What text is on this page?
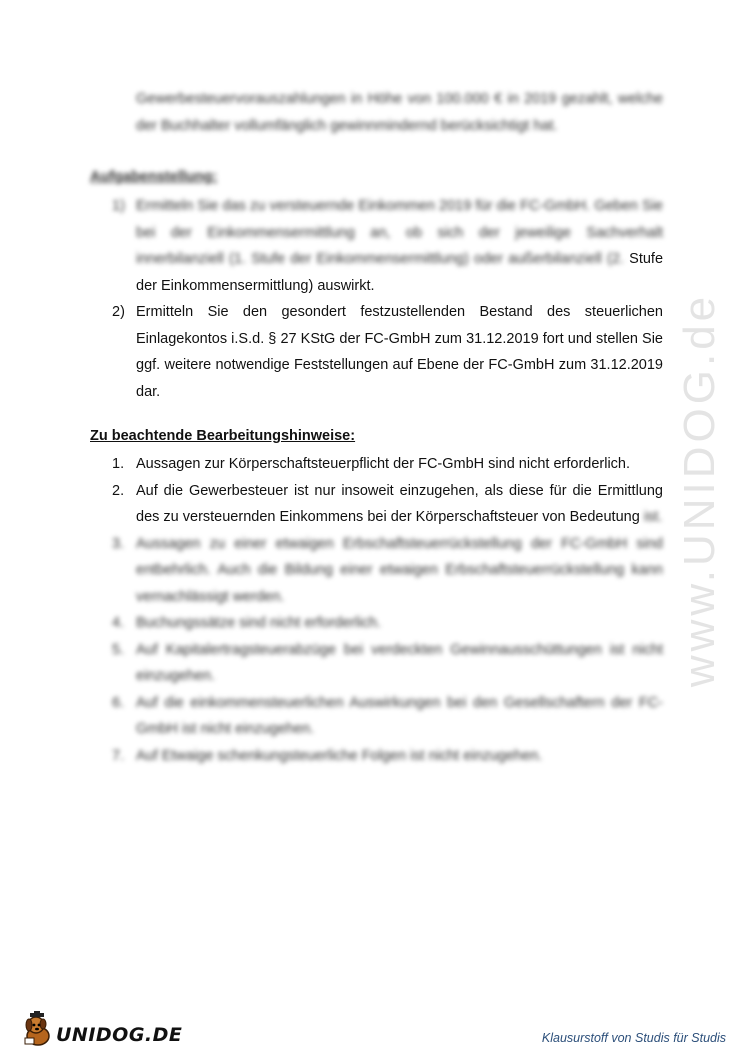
www.UNIDOG.de

Gewerbesteuervorauszahlungen in Höhe von 100.000 € in 2019 gezahlt, welche der Buchhalter vollumfänglich gewinnmindernd berücksichtigt hat.

Aufgabenstellung:
1) Ermitteln Sie das zu versteuernde Einkommen 2019 für die FC-GmbH. Geben Sie bei der Einkommensermittlung an, ob sich der jeweilige Sachverhalt innerbilanziell (1. Stufe der Einkommensermittlung) oder außerbilanziell (2. Stufe der Einkommensermittlung) auswirkt.
2) Ermitteln Sie den gesondert festzustellenden Bestand des steuerlichen Einlagekontos i.S.d. § 27 KStG der FC-GmbH zum 31.12.2019 fort und stellen Sie ggf. weitere notwendige Feststellungen auf Ebene der FC-GmbH zum 31.12.2019 dar.
Zu beachtende Bearbeitungshinweise:
1. Aussagen zur Körperschaftsteuerpflicht der FC-GmbH sind nicht erforderlich.
2. Auf die Gewerbesteuer ist nur insoweit einzugehen, als diese für die Ermittlung des zu versteuernden Einkommens bei der Körperschaftsteuer von Bedeutung ist.
3. Aussagen zu einer etwaigen Erbschaftsteuerrückstellung der FC-GmbH sind entbehrlich. Auch die Bildung einer etwaigen Erbschaftsteuerrückstellung kann vernachlässigt werden.
4. Buchungssätze sind nicht erforderlich.
5. Auf Kapitalertragsteuerabzüge bei verdeckten Gewinnausschüttungen ist nicht einzugehen.
6. Auf die einkommensteuerlichen Auswirkungen bei den Gesellschaftern der FC-GmbH ist nicht einzugehen.
7. Auf Etwaige schenkungsteuerliche Folgen ist nicht einzugehen.
UNIDOG.DE	Klausurstoff von Studis für Studis
